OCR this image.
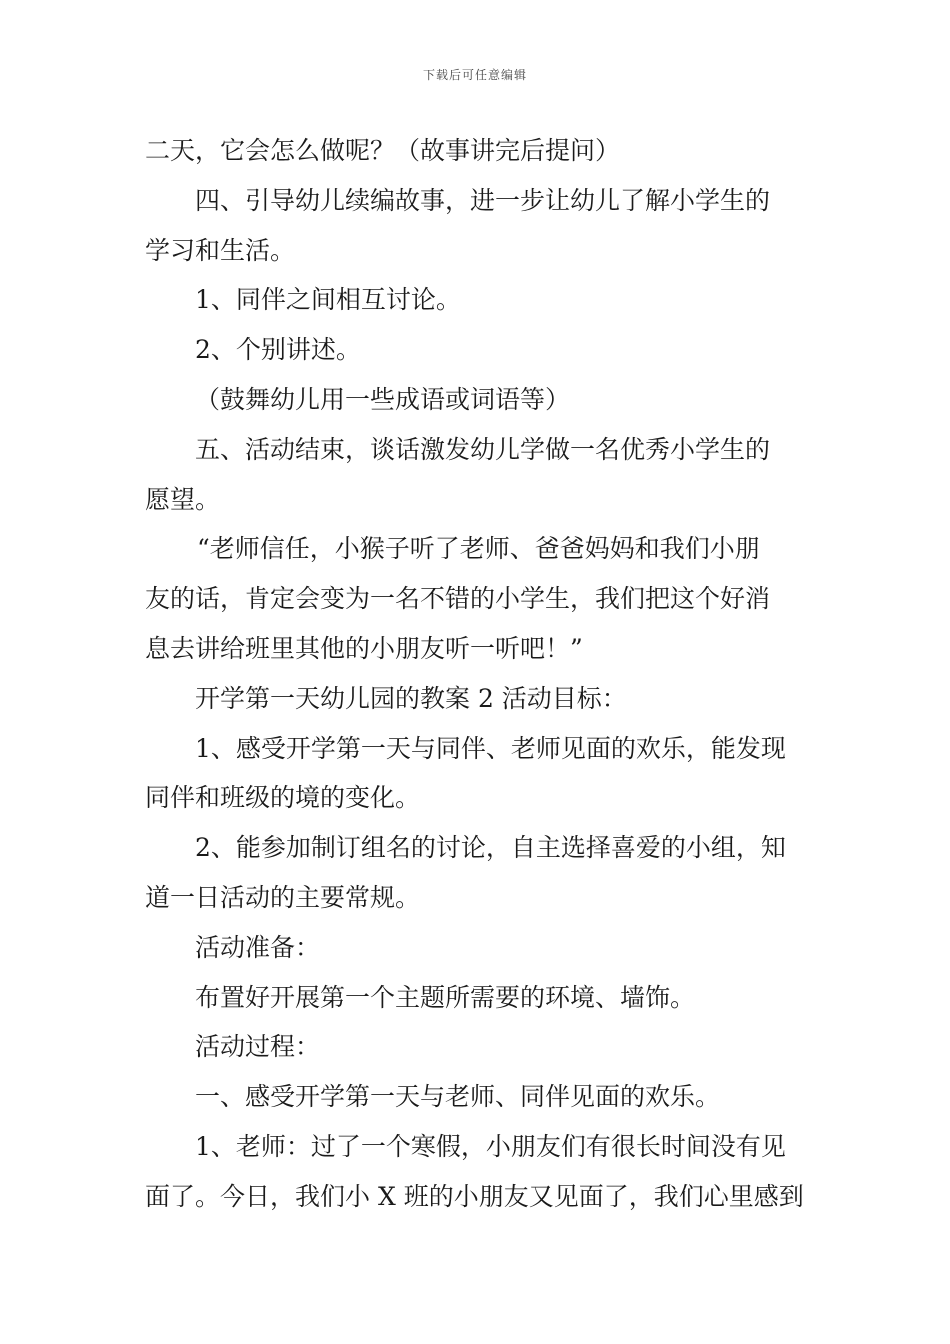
下载后可任意编辑
二天，它会怎么做呢？（故事讲完后提问）
四、引导幼儿续编故事，进一步让幼儿了解小学生的
学习和生活。
1、同伴之间相互讨论。
2、个别讲述。
（鼓舞幼儿用一些成语或词语等）
五、活动结束，谈话激发幼儿学做一名优秀小学生的
愿望。
“老师信任，小猴子听了老师、爸爸妈妈和我们小朋
友的话，肯定会变为一名不错的小学生，我们把这个好消
息去讲给班里其他的小朋友听一听吧！”
开学第一天幼儿园的教案 2 活动目标：
1、感受开学第一天与同伴、老师见面的欢乐，能发现
同伴和班级的境的变化。
2、能参加制订组名的讨论，自主选择喜爱的小组，知
道一日活动的主要常规。
活动准备：
布置好开展第一个主题所需要的环境、墙饰。
活动过程：
一、感受开学第一天与老师、同伴见面的欢乐。
1、老师：过了一个寒假，小朋友们有很长时间没有见
面了。今日，我们小 X 班的小朋友又见面了，我们心里感到
